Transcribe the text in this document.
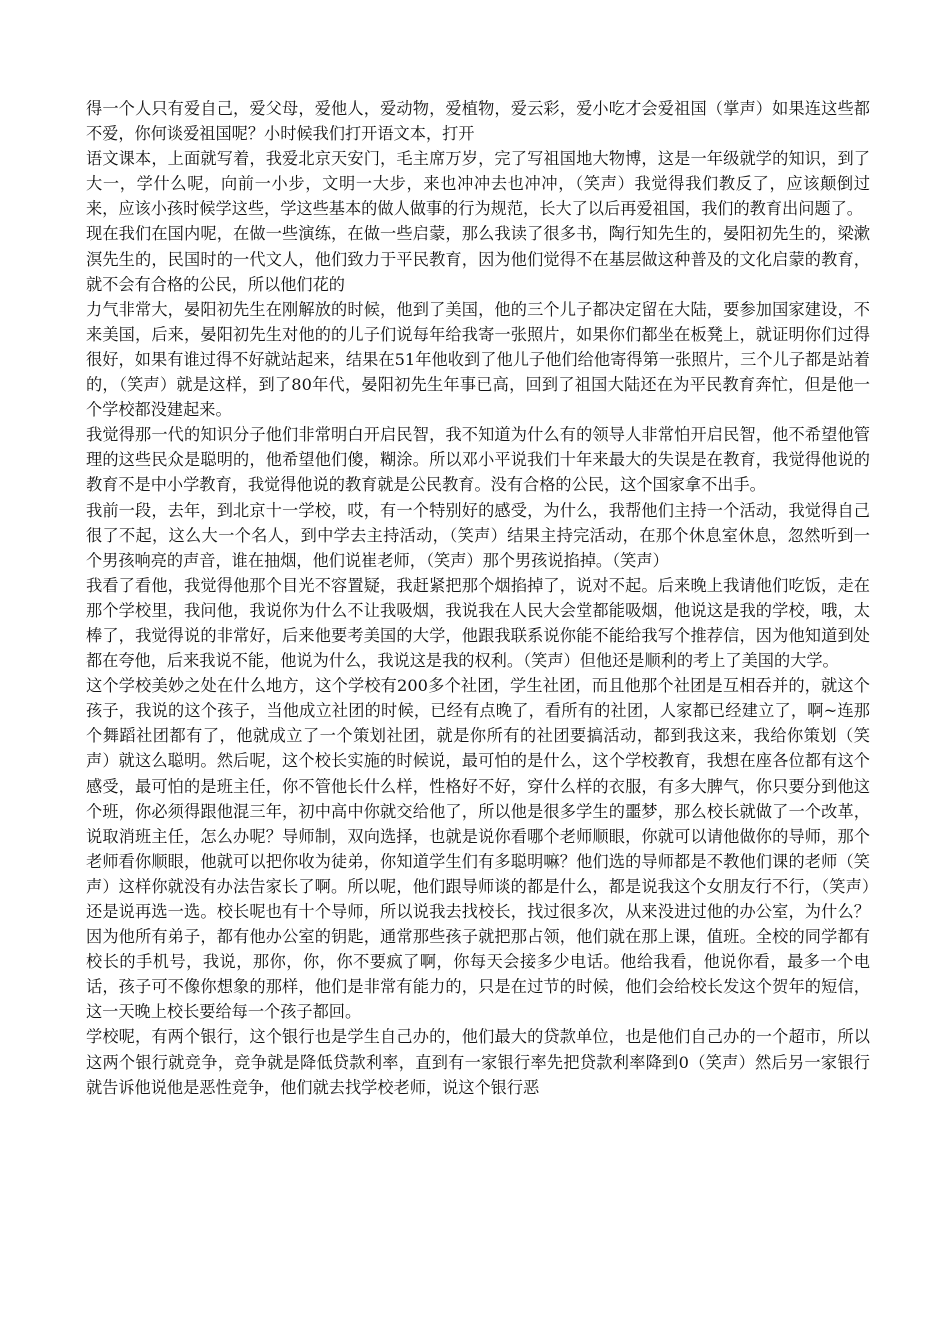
得一个人只有爱自己，爱父母，爱他人，爱动物，爱植物，爱云彩，爱小吃才会爱祖国（掌声）如果连这些都不爱，你何谈爱祖国呢？小时候我们打开语文本，打开

语文课本，上面就写着，我爱北京天安门，毛主席万岁，完了写祖国地大物博，这是一年级就学的知识，到了大一，学什么呢，向前一小步，文明一大步，来也冲冲去也冲冲，（笑声）我觉得我们教反了，应该颠倒过来，应该小孩时候学这些，学这些基本的做人做事的行为规范，长大了以后再爱祖国，我们的教育出问题了。

现在我们在国内呢，在做一些演练，在做一些启蒙，那么我读了很多书，陶行知先生的，晏阳初先生的，梁漱溟先生的，民国时的一代文人，他们致力于平民教育，因为他们觉得不在基层做这种普及的文化启蒙的教育，就不会有合格的公民，所以他们花的

力气非常大，晏阳初先生在刚解放的时候，他到了美国，他的三个儿子都决定留在大陆，要参加国家建设，不来美国，后来，晏阳初先生对他的的儿子们说每年给我寄一张照片，如果你们都坐在板凳上，就证明你们过得很好，如果有谁过得不好就站起来，结果在51年他收到了他儿子他们给他寄得第一张照片，三个儿子都是站着的，（笑声）就是这样，到了80年代，晏阳初先生年事已高，回到了祖国大陆还在为平民教育奔忙，但是他一个学校都没建起来。

我觉得那一代的知识分子他们非常明白开启民智，我不知道为什么有的领导人非常怕开启民智，他不希望他管理的这些民众是聪明的，他希望他们傻，糊涂。所以邓小平说我们十年来最大的失误是在教育，我觉得他说的教育不是中小学教育，我觉得他说的教育就是公民教育。没有合格的公民，这个国家拿不出手。

我前一段，去年，到北京十一学校，哎，有一个特别好的感受，为什么，我帮他们主持一个活动，我觉得自己很了不起，这么大一个名人，到中学去主持活动，（笑声）结果主持完活动，在那个休息室休息，忽然听到一个男孩响亮的声音，谁在抽烟，他们说崔老师，（笑声）那个男孩说掐掉。（笑声）

我看了看他，我觉得他那个目光不容置疑，我赶紧把那个烟掐掉了，说对不起。后来晚上我请他们吃饭，走在那个学校里，我问他，我说你为什么不让我吸烟，我说我在人民大会堂都能吸烟，他说这是我的学校，哦，太棒了，我觉得说的非常好，后来他要考美国的大学，他跟我联系说你能不能给我写个推荐信，因为他知道到处都在夸他，后来我说不能，他说为什么，我说这是我的权利。（笑声）但他还是顺利的考上了美国的大学。

这个学校美妙之处在什么地方，这个学校有200多个社团，学生社团，而且他那个社团是互相吞并的，就这个孩子，我说的这个孩子，当他成立社团的时候，已经有点晚了，看所有的社团，人家都已经建立了，啊~连那个舞蹈社团都有了，他就成立了一个策划社团，就是你所有的社团要搞活动，都到我这来，我给你策划（笑声）就这么聪明。然后呢，这个校长实施的时候说，最可怕的是什么，这个学校教育，我想在座各位都有这个感受，最可怕的是班主任，你不管他长什么样，性格好不好，穿什么样的衣服，有多大脾气，你只要分到他这个班，你必须得跟他混三年，初中高中你就交给他了，所以他是很多学生的噩梦，那么校长就做了一个改革，说取消班主任，怎么办呢？导师制，双向选择，也就是说你看哪个老师顺眼，你就可以请他做你的导师，那个老师看你顺眼，他就可以把你收为徒弟，你知道学生们有多聪明嘛？他们选的导师都是不教他们课的老师（笑声）这样你就没有办法告家长了啊。所以呢，他们跟导师谈的都是什么，都是说我这个女朋友行不行，（笑声）还是说再选一选。校长呢也有十个导师，所以说我去找校长，找过很多次，从来没进过他的办公室，为什么？因为他所有弟子，都有他办公室的钥匙，通常那些孩子就把那占领，他们就在那上课，值班。全校的同学都有校长的手机号，我说，那你，你，你不要疯了啊，你每天会接多少电话。他给我看，他说你看，最多一个电话，孩子可不像你想象的那样，他们是非常有能力的，只是在过节的时候，他们会给校长发这个贺年的短信，这一天晚上校长要给每一个孩子都回。

学校呢，有两个银行，这个银行也是学生自己办的，他们最大的贷款单位，也是他们自己办的一个超市，所以这两个银行就竞争，竞争就是降低贷款利率，直到有一家银行率先把贷款利率降到0（笑声）然后另一家银行就告诉他说他是恶性竞争，他们就去找学校老师，说这个银行恶
